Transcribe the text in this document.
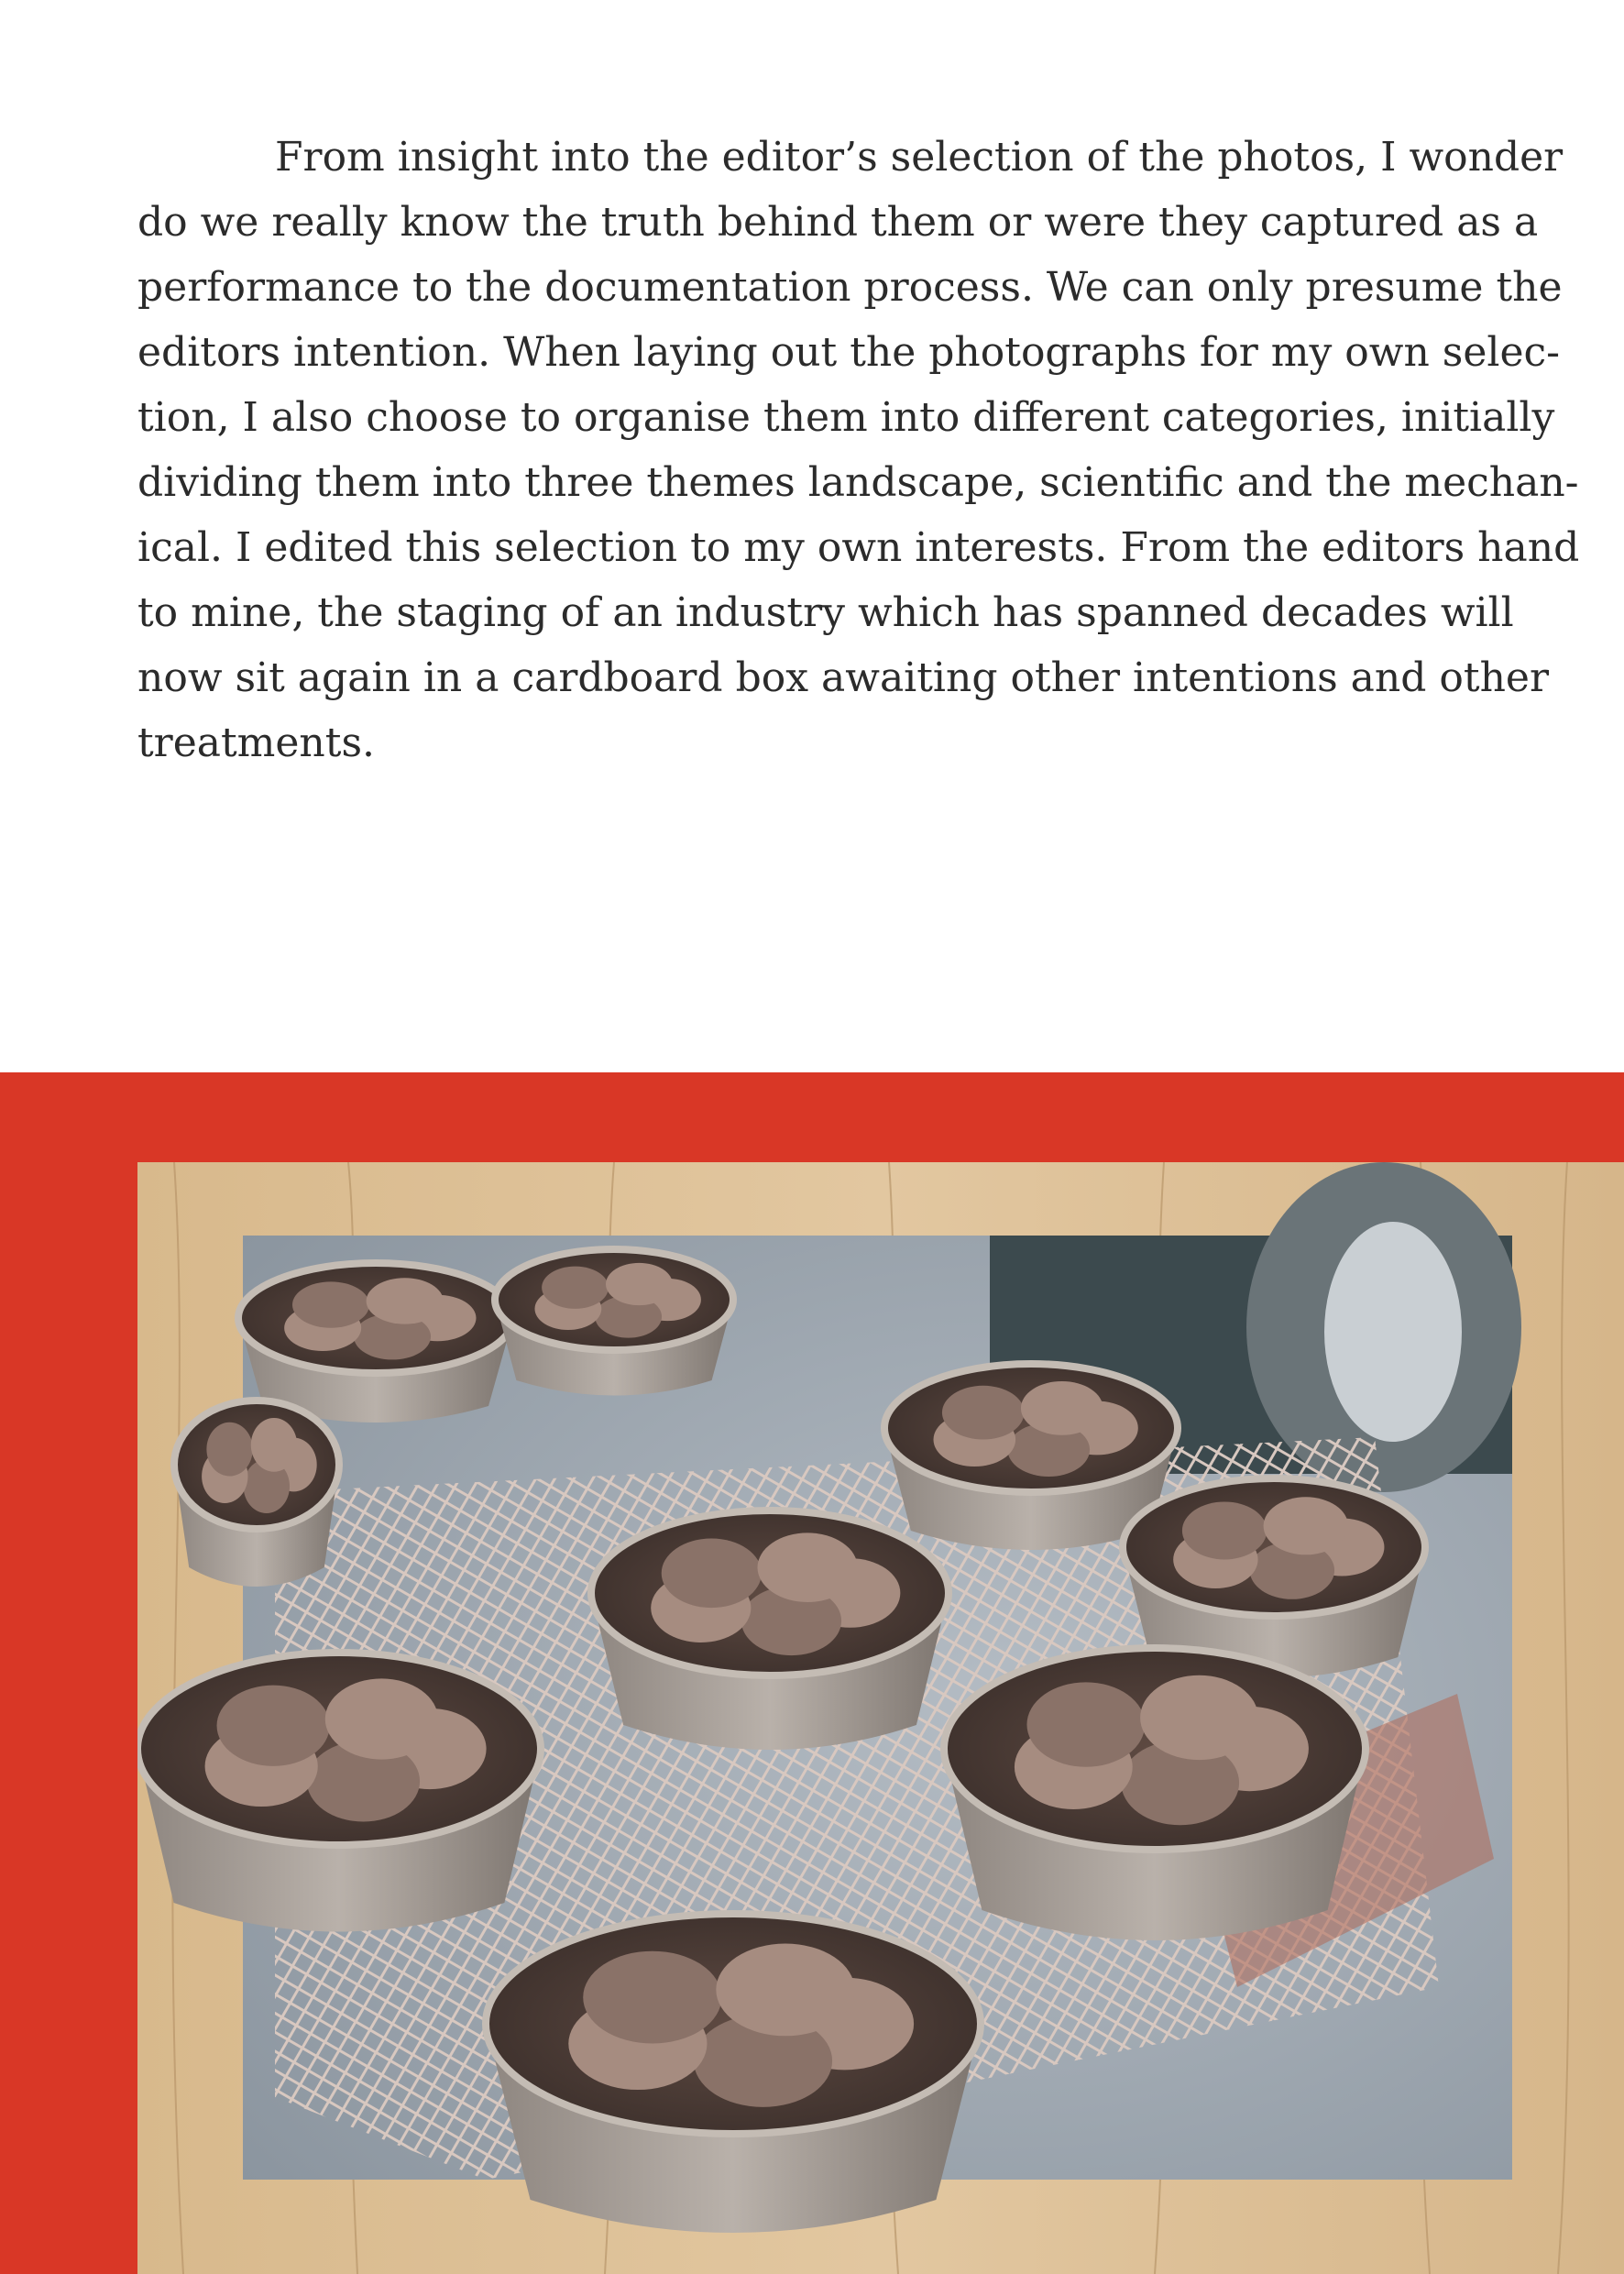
From insight into the editor’s selection of the photos, I wonder
do we really know the truth behind them or were they captured as a
performance to the documentation process. We can only presume the
editors intention. When laying out the photographs for my own selec-
tion, I also choose to organise them into different categories, initially
dividing them into three themes landscape, scientific and the mechan-
ical. I edited this selection to my own interests. From the editors hand
to mine, the staging of an industry which has spanned decades will
now sit again in a cardboard box awaiting other intentions and other
treatments.
